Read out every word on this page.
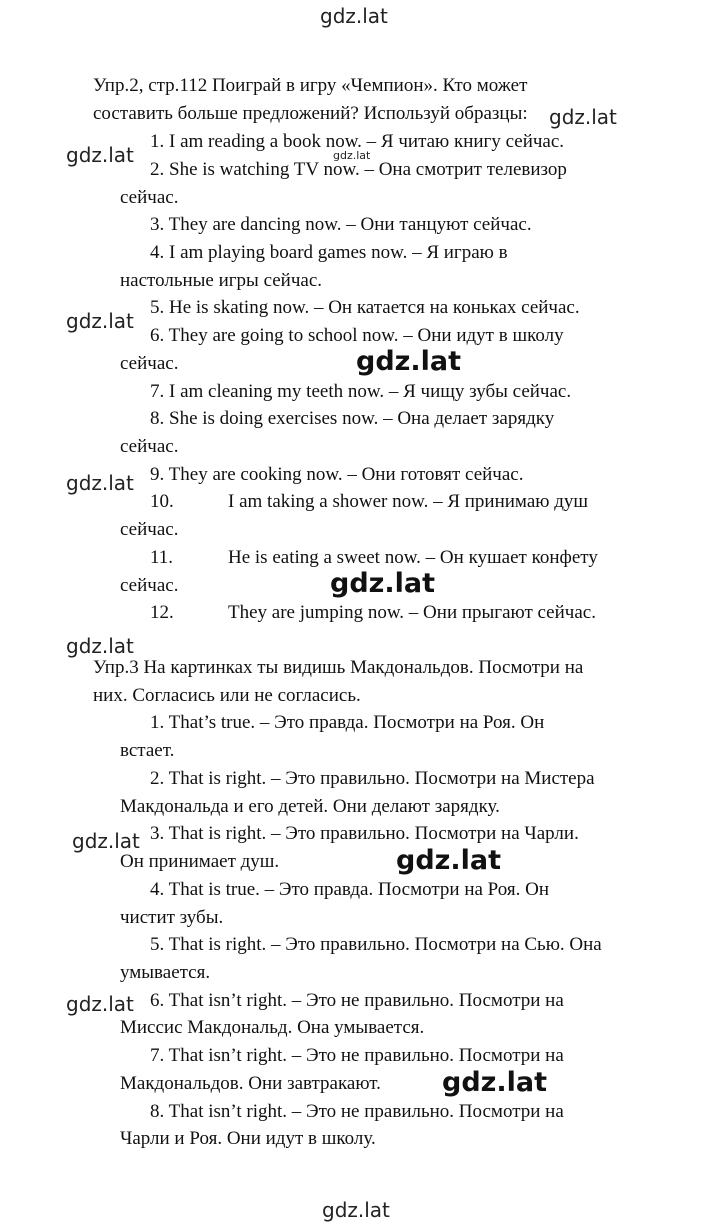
Упр.2, стр.112 Поиграй в игру «Чемпион». Кто может
составить больше предложений? Используй образцы:
1. I am reading a book now. – Я читаю книгу сейчас.
2. She is watching TV now. – Она смотрит телевизор
сейчас.
3. They are dancing now. – Они танцуют сейчас.
4. I am playing board games now. – Я играю в
настольные игры сейчас.
5. He is skating now. – Он катается на коньках сейчас.
6. They are going to school now. – Они идут в школу
сейчас.
7. I am cleaning my teeth now. – Я чищу зубы сейчас.
8. She is doing exercises now. – Она делает зарядку
сейчас.
9. They are cooking now. – Они готовят сейчас.
10.	I am taking a shower now. – Я принимаю душ
сейчас.
11.	He is eating a sweet now. – Он кушает конфету
сейчас.
12.	They are jumping now. – Они прыгают сейчас.
Упр.3 На картинках ты видишь Макдональдов. Посмотри на
них. Согласись или не согласись.
1. That’s true. – Это правда. Посмотри на Роя. Он
встает.
2. That is right. – Это правильно. Посмотри на Мистера
Макдональда и его детей. Они делают зарядку.
3. That is right. – Это правильно. Посмотри на Чарли.
Он принимает душ.
4. That is true. – Это правда. Посмотри на Роя. Он
чистит зубы.
5. That is right. – Это правильно. Посмотри на Сью. Она
умывается.
6. That isn’t right. – Это не правильно. Посмотри на
Миссис Макдональд. Она умывается.
7. That isn’t right. – Это не правильно. Посмотри на
Макдональдов. Они завтракают.
8. That isn’t right. – Это не правильно. Посмотри на
Чарли и Роя. Они идут в школу.
gdz.lat
gdz.lat
gdz.lat	gdz.lat
gdz.lat
gdz.lat
gdz.lat
gdz.lat
gdz.lat
gdz.lat
gdz.lat
gdz.lat
gdz.lat
gdz.lat
